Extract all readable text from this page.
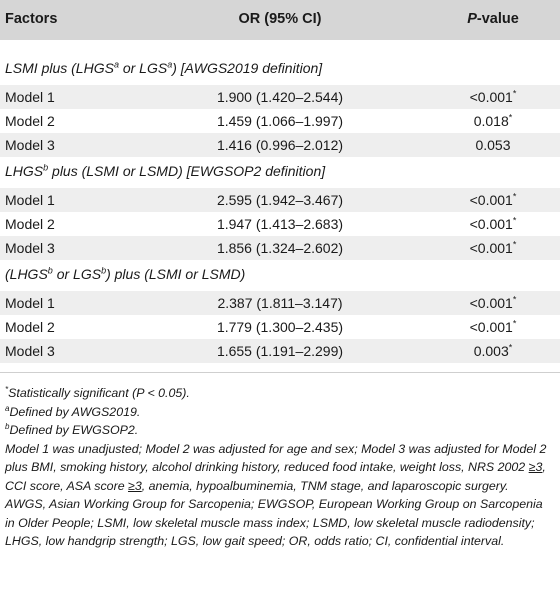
Factors	OR (95% CI)	P-value
LSMI plus (LHGS$^a$ or LGS$^a$) [AWGS2019 definition]
Model 1	1.900 (1.420–2.544)	<0.001*
Model 2	1.459 (1.066–1.997)	0.018*
Model 3	1.416 (0.996–2.012)	0.053
LHGS$^b$ plus (LSMI or LSMD) [EWGSOP2 definition]
Model 1	2.595 (1.942–3.467)	<0.001*
Model 2	1.947 (1.413–2.683)	<0.001*
Model 3	1.856 (1.324–2.602)	<0.001*
(LHGS$^b$ or LGS$^b$) plus (LSMI or LSMD)
Model 1	2.387 (1.811–3.147)	<0.001*
Model 2	1.779 (1.300–2.435)	<0.001*
Model 3	1.655 (1.191–2.299)	0.003*

*Statistically significant (P < 0.05).

$^a$Defined by AWGS2019.

$^b$Defined by EWGSOP2.

Model 1 was unadjusted; Model 2 was adjusted for age and sex; Model 3 was adjusted for Model 2 plus BMI, smoking history, alcohol drinking history, reduced food intake, weight loss, NRS 2002 ≥3, CCI score, ASA score ≥3, anemia, hypoalbuminemia, TNM stage, and laparoscopic surgery.

AWGS, Asian Working Group for Sarcopenia; EWGSOP, European Working Group on Sarcopenia in Older People; LSMI, low skeletal muscle mass index; LSMD, low skeletal muscle radiodensity; LHGS, low handgrip strength; LGS, low gait speed; OR, odds ratio; CI, confidential interval.
